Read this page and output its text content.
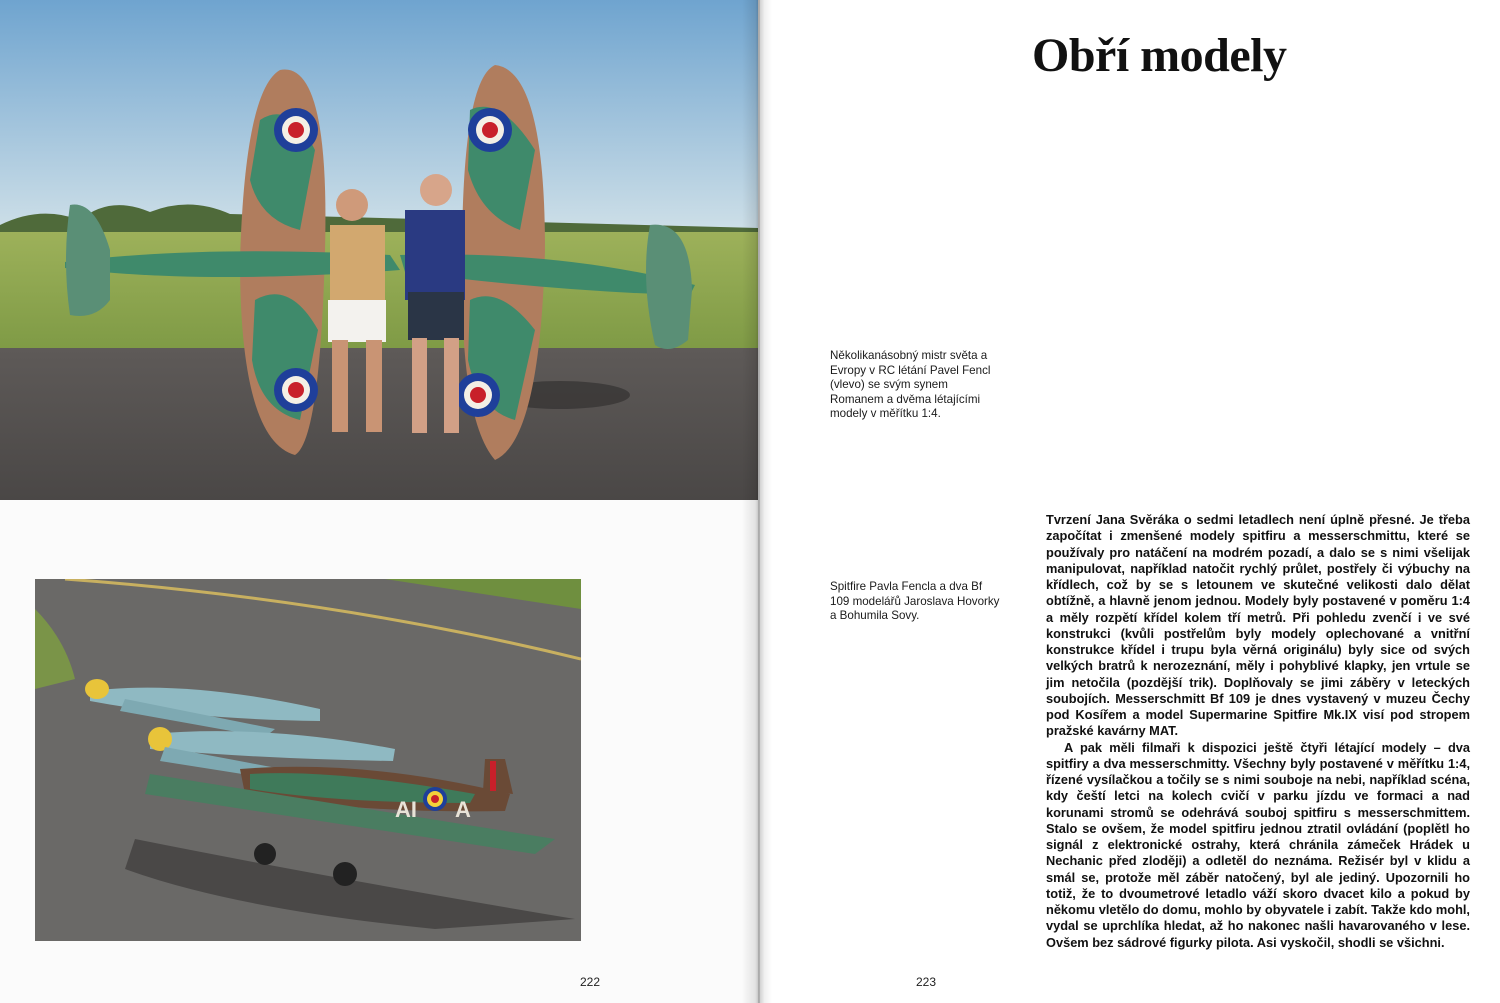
AI A
222
Obří modely

Několikanásobný mistr světa a Evropy v RC létání Pavel Fencl (vlevo) se svým synem Romanem a dvěma létajícími modely v měřítku 1:4.

Spitfire Pavla Fencla a dva Bf 109 modelářů Jaroslava Hovorky a Bohumila Sovy.

Tvrzení Jana Svěráka o sedmi letadlech není úplně přesné. Je třeba započítat i zmenšené modely spitfiru a messerschmittu, které se používaly pro natáčení na modrém pozadí, a dalo se s nimi všelijak manipulovat, například natočit rychlý průlet, postřely či výbuchy na křídlech, což by se s letounem ve skutečné velikosti dalo dělat obtížně, a hlavně jenom jednou. Modely byly postavené v poměru 1:4 a měly rozpětí křídel kolem tří metrů. Při pohledu zvenčí i ve své konstrukci (kvůli postřelům byly modely oplechované a vnitřní konstrukce křídel i trupu byla věrná originálu) byly sice od svých velkých bratrů k nerozeznání, měly i pohyblivé klapky, jen vrtule se jim netočila (pozdější trik). Doplňovaly se jimi záběry v leteckých soubojích. Messerschmitt Bf 109 je dnes vystavený v muzeu Čechy pod Kosířem a model Supermarine Spitfire Mk.IX visí pod stropem pražské kavárny MAT.

A pak měli filmaři k dispozici ještě čtyři létající modely – dva spitfiry a dva messerschmitty. Všechny byly postavené v měřítku 1:4, řízené vysílačkou a točily se s nimi souboje na nebi, například scéna, kdy čeští letci na kolech cvičí v parku jízdu ve formaci a nad korunami stromů se odehrává souboj spitfiru s messerschmittem. Stalo se ovšem, že model spitfiru jednou ztratil ovládání (poplětl ho signál z elektronické ostrahy, která chránila zámeček Hrádek u Nechanic před zloději) a odletěl do neznáma. Režisér byl v klidu a smál se, protože měl záběr natočený, byl ale jediný. Upozornili ho totiž, že to dvoumetrové letadlo váží skoro dvacet kilo a pokud by někomu vletělo do domu, mohlo by obyvatele i zabít. Takže kdo mohl, vydal se uprchlíka hledat, až ho nakonec našli havarovaného v lese. Ovšem bez sádrové figurky pilota. Asi vyskočil, shodli se všichni.

223
